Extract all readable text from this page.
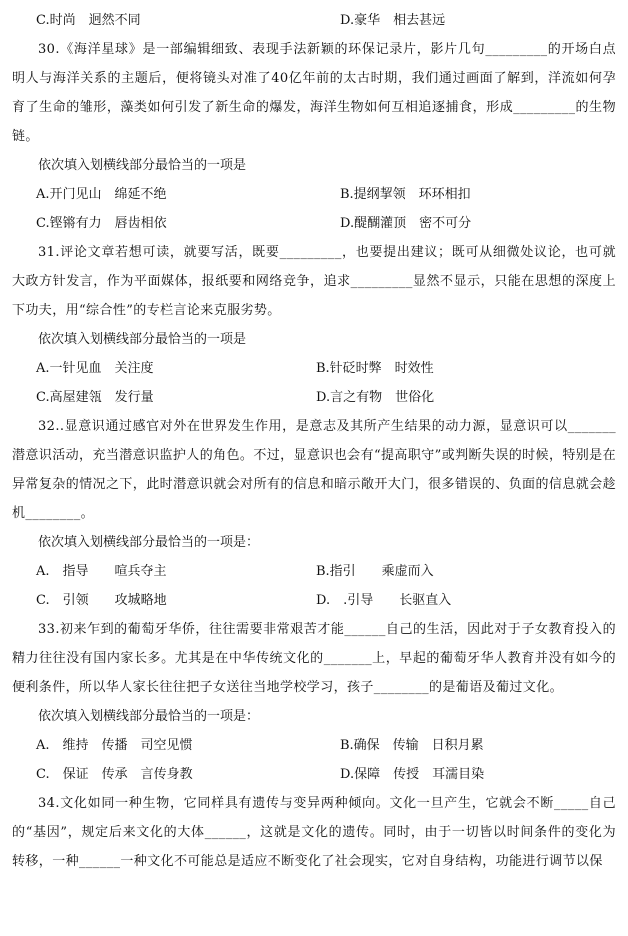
C.时尚　迥然不同	D.豪华　相去甚远

30.《海洋星球》是一部编辑细致、表现手法新颖的环保记录片，影片几句_________的开场白点明人与海洋关系的主题后，便将镜头对准了40亿年前的太古时期，我们通过画面了解到，洋流如何孕育了生命的雏形，藻类如何引发了新生命的爆发，海洋生物如何互相追逐捕食，形成_________的生物链。

依次填入划横线部分最恰当的一项是

A.开门见山　绵延不绝	B.提纲挈领　环环相扣
C.铿锵有力　唇齿相依	D.醍醐灌顶　密不可分

31.评论文章若想可读，就要写活，既要_________，也要提出建议；既可从细微处议论，也可就大政方针发言，作为平面媒体，报纸要和网络竞争，追求_________显然不显示，只能在思想的深度上下功夫，用“综合性”的专栏言论来克服劣势。

依次填入划横线部分最恰当的一项是

A.一针见血　关注度	B.针砭时弊　时效性
C.高屋建瓴　发行量	D.言之有物　世俗化

32..显意识通过感官对外在世界发生作用，是意志及其所产生结果的动力源，显意识可以_______潜意识活动，充当潜意识监护人的角色。不过，显意识也会有“提高职守”或判断失误的时候，特别是在异常复杂的情况之下，此时潜意识就会对所有的信息和暗示敞开大门，很多错误的、负面的信息就会趁机________。

依次填入划横线部分最恰当的一项是：

A.　指导　　喧兵夺主	B.指引　　乘虚而入
C.　引领　　攻城略地	D.　.引导　　长驱直入

33.初来乍到的葡萄牙华侨，往往需要非常艰苦才能______自己的生活，因此对于子女教育投入的精力往往没有国内家长多。尤其是在中华传统文化的_______上，早起的葡萄牙华人教育并没有如今的便利条件，所以华人家长往往把子女送往当地学校学习，孩子________的是葡语及葡过文化。

依次填入划横线部分最恰当的一项是：

A.　维持　传播　司空见惯	B.确保　传输　日积月累
C.　保证　传承　言传身教	D.保障　传授　耳濡目染

34.文化如同一种生物，它同样具有遗传与变异两种倾向。文化一旦产生，它就会不断_____自己的“基因”，规定后来文化的大体______，这就是文化的遗传。同时，由于一切皆以时间条件的变化为转移，一种______一种文化不可能总是适应不断变化了社会现实，它对自身结构，功能进行调节以保
